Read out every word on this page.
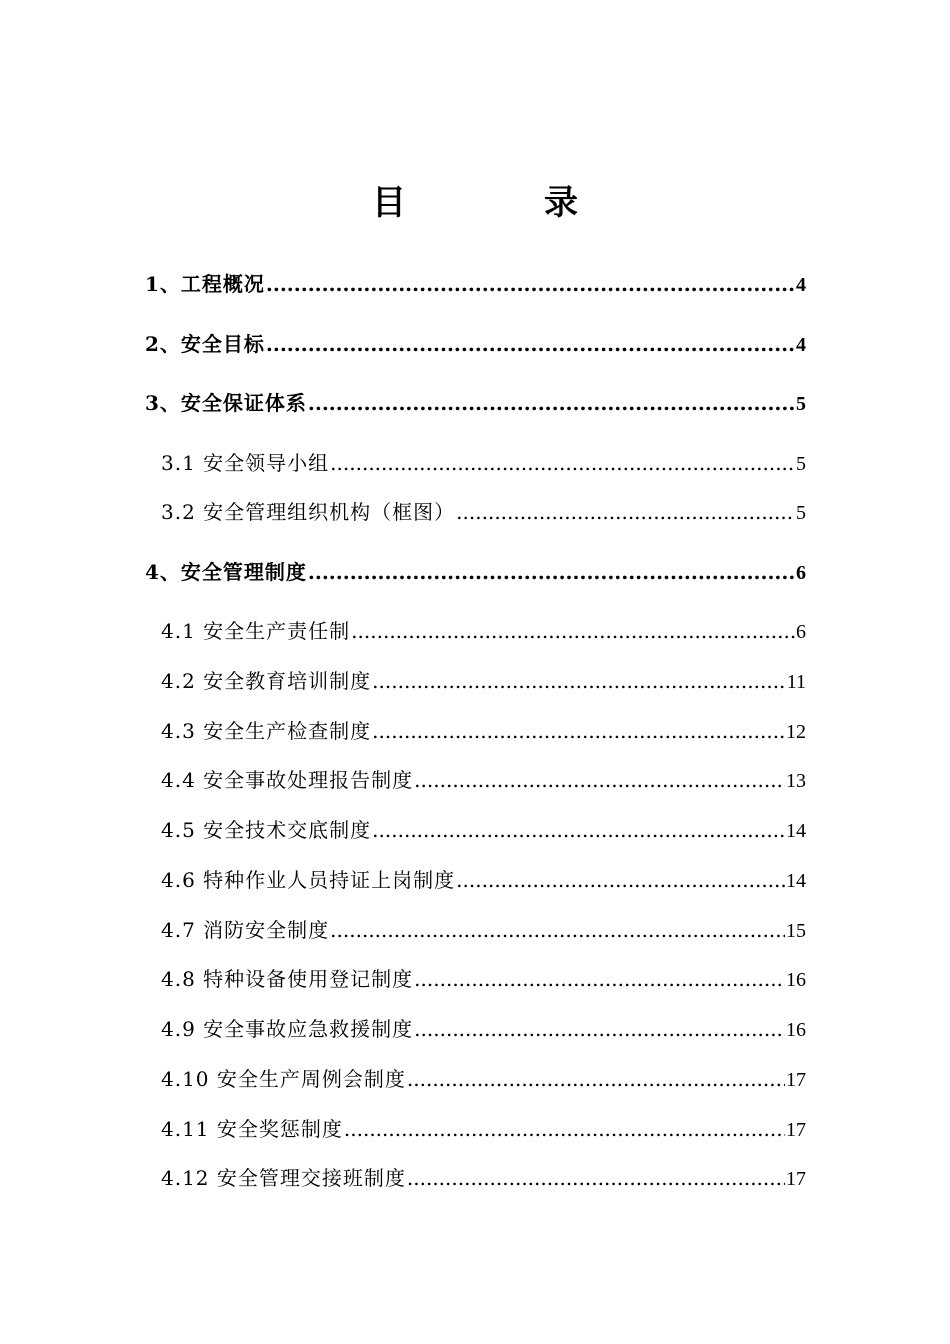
目　录
1、工程概况 .....	4
2、安全目标 .....	4
3、安全保证体系 .....	5
3.1 安全领导小组 .....	5
3.2 安全管理组织机构（框图） .....	5
4、安全管理制度 .....	6
4.1 安全生产责任制 .....	6
4.2 安全教育培训制度 .....	11
4.3 安全生产检查制度 .....	12
4.4 安全事故处理报告制度 .....	13
4.5 安全技术交底制度 .....	14
4.6 特种作业人员持证上岗制度 .....	14
4.7 消防安全制度 .....	15
4.8 特种设备使用登记制度 .....	16
4.9 安全事故应急救援制度 .....	16
4.10 安全生产周例会制度 .....	17
4.11 安全奖惩制度 .....	17
4.12 安全管理交接班制度 .....	17
